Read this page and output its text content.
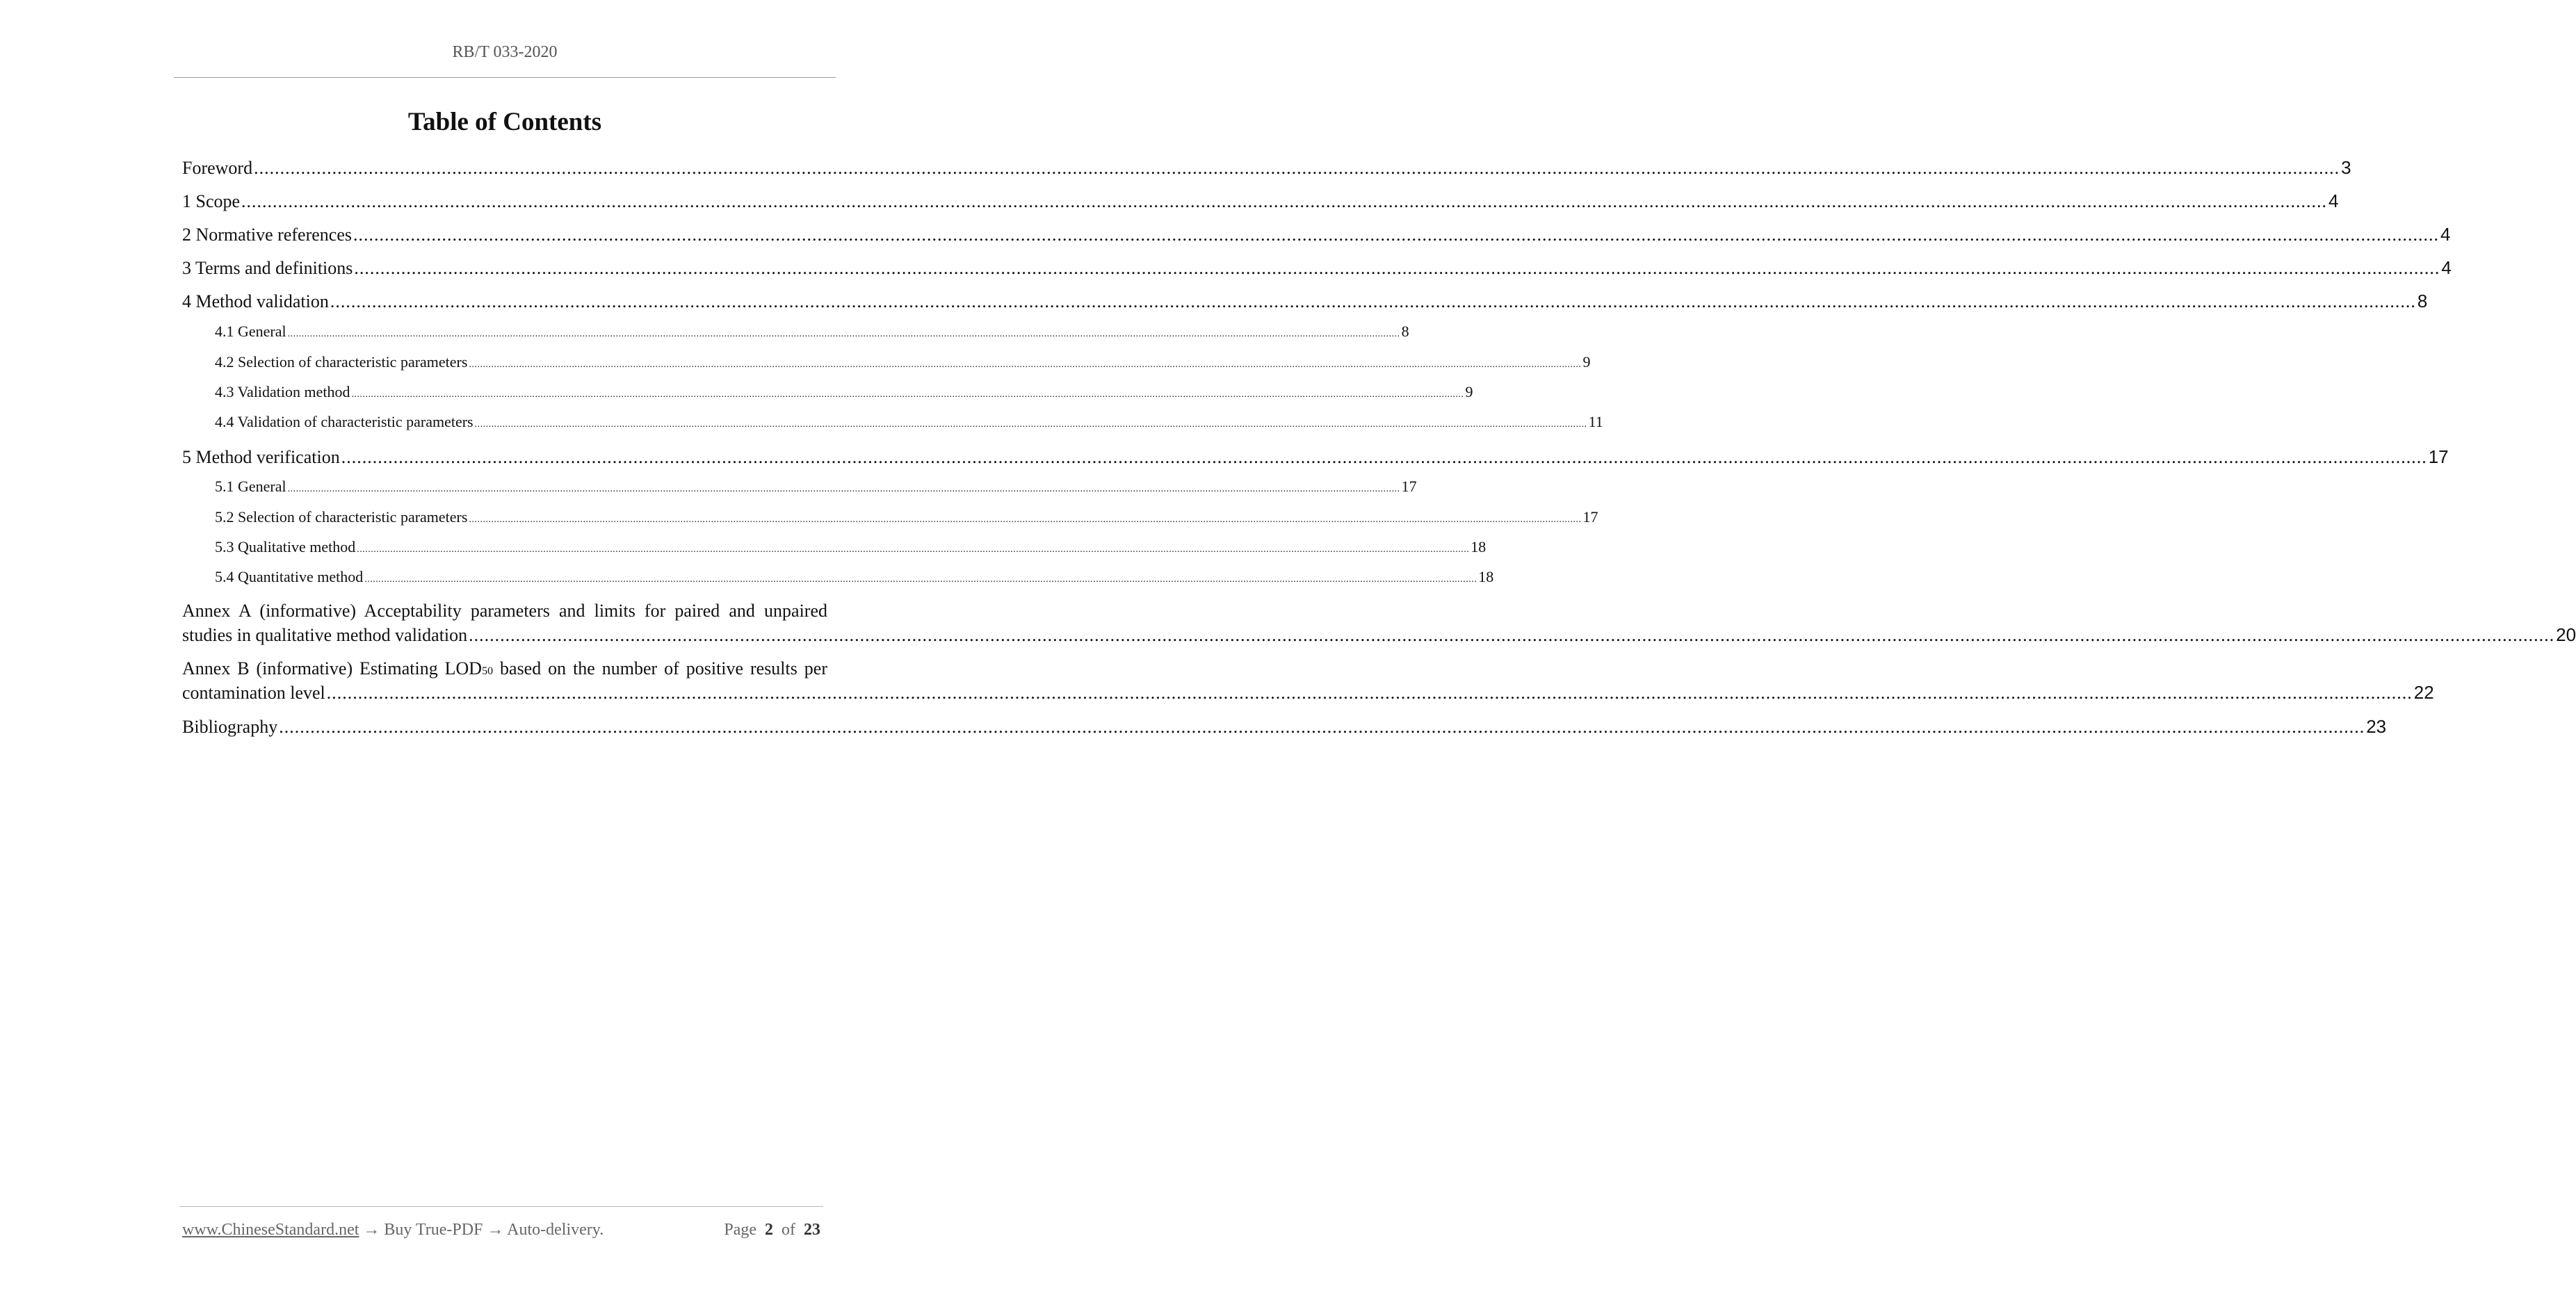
RB/T 033-2020
Table of Contents
Foreword ................................................................................................................................................................................................................................................................................................................................................................................................................ 3
1 Scope ................................................................................................................................................................................................................................................................................................................................................................................................................ 4
2 Normative references ................................................................................................................................................................................................................................................................................................................................................................................................................ 4
3 Terms and definitions ................................................................................................................................................................................................................................................................................................................................................................................................................ 4
4 Method validation ................................................................................................................................................................................................................................................................................................................................................................................................................ 8
4.1 General ................................................................................................................................................................................................................................................................................................................................................................................................................ 8
4.2 Selection of characteristic parameters ................................................................................................................................................................................................................................................................................................................................................................................................................ 9
4.3 Validation method ................................................................................................................................................................................................................................................................................................................................................................................................................ 9
4.4 Validation of characteristic parameters ................................................................................................................................................................................................................................................................................................................................................................................................................ 11
5 Method verification ................................................................................................................................................................................................................................................................................................................................................................................................................ 17
5.1 General ................................................................................................................................................................................................................................................................................................................................................................................................................ 17
5.2 Selection of characteristic parameters ................................................................................................................................................................................................................................................................................................................................................................................................................ 17
5.3 Qualitative method ................................................................................................................................................................................................................................................................................................................................................................................................................ 18
5.4 Quantitative method ................................................................................................................................................................................................................................................................................................................................................................................................................ 18
Annex A (informative) Acceptability parameters and limits for paired and unpaired
studies in qualitative method validation ................................................................................................................................................................................................................................................................................................................................................................................................................ 20
Annex B (informative) Estimating LOD50 based on the number of positive results per
contamination level ................................................................................................................................................................................................................................................................................................................................................................................................................ 22
Bibliography ................................................................................................................................................................................................................................................................................................................................................................................................................ 23
www.ChineseStandard.net → Buy True-PDF → Auto-delivery.	Page 2 of 23
